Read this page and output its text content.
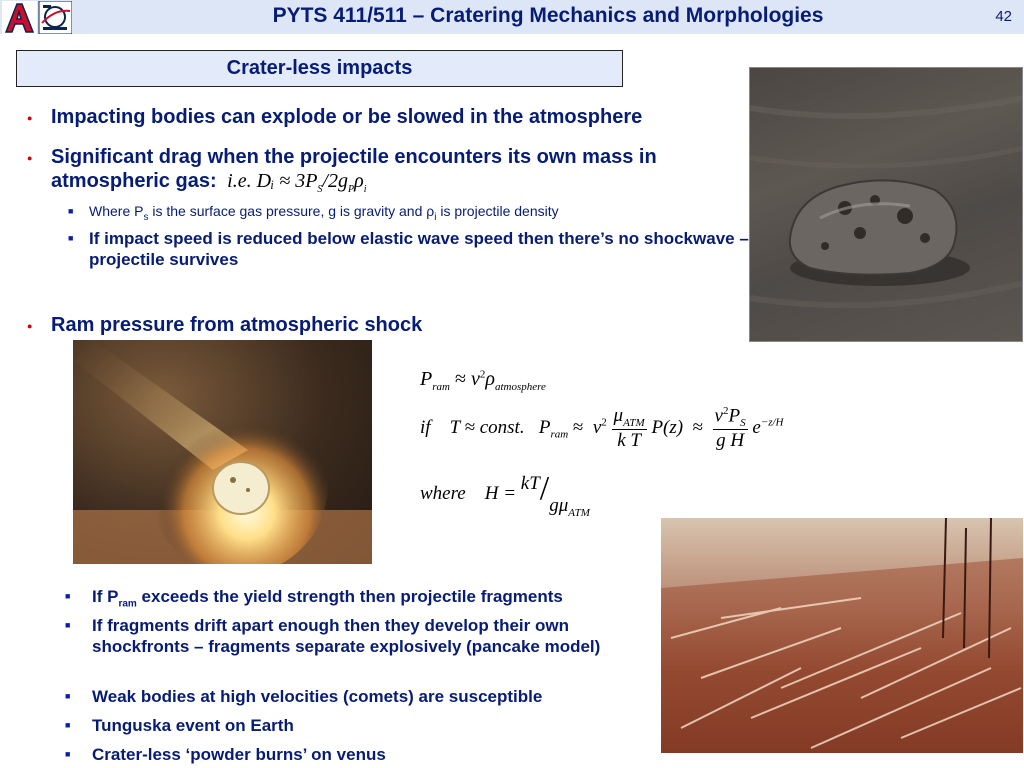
PYTS 411/511 – Cratering Mechanics and Morphologies	42
Crater-less impacts
● Impacting bodies can explode or be slowed in the atmosphere
● Significant drag when the projectile encounters its own mass in
atmospheric gas: i.e. Dᵢ ≈ $3P_S/2g_P\rho_i$
■ Where $P_s$ is the surface gas pressure, g is gravity and $\rho_i$ is projectile density
■ If impact speed is reduced below elastic wave speed then there’s no shockwave – projectile survives
● Ram pressure from atmospheric shock
$P_{ram} \approx v^2\rho_{atmosphere}$
if T ≈ const. $P_{ram} \approx v^2 \frac{\mu_{ATM}}{\text{k T}} P(z) \approx \frac{v^2P_S}{\text{g H}} e^{-z/H}$
where $H = kT/g\mu_{ATM}$
■ If $P_{ram}$ exceeds the yield strength then projectile fragments
■ If fragments drift apart enough then they develop their own shockfronts – fragments separate explosively (pancake model)
■ Weak bodies at high velocities (comets) are susceptible
■ Tunguska event on Earth
■ Crater-less ‘powder burns’ on venus
